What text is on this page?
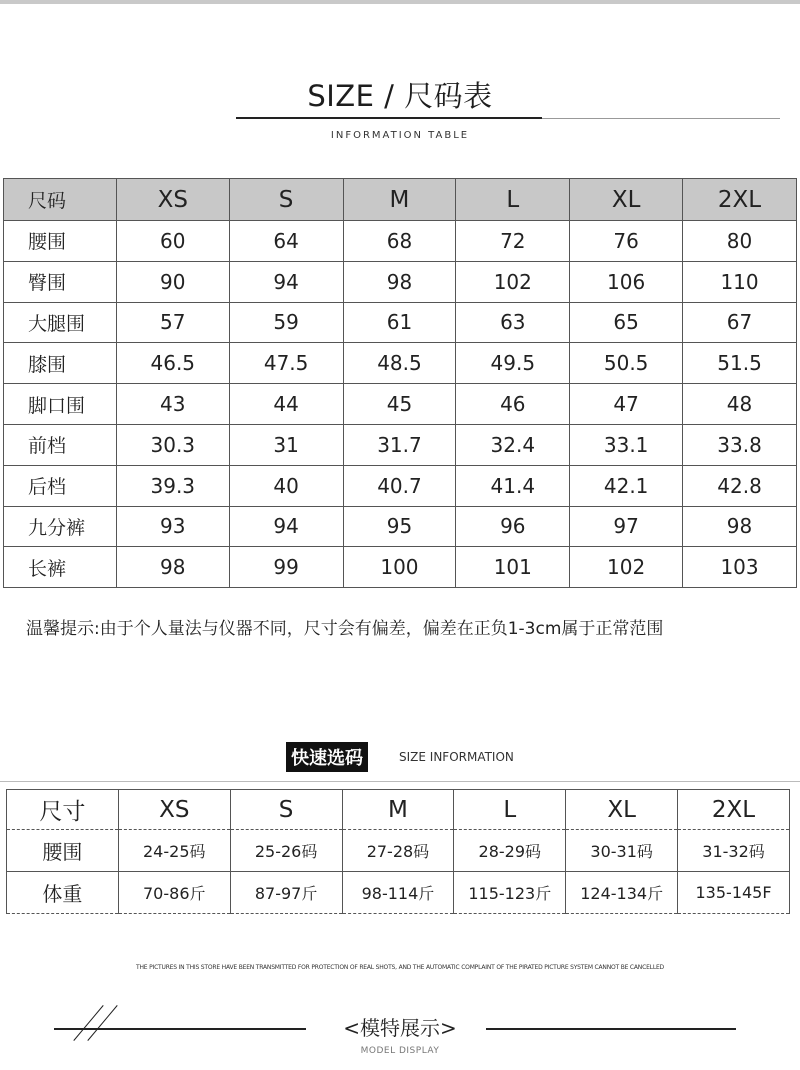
SIZE / 尺码表
INFORMATION TABLE
尺码	XS	S	M	L	XL	2XL
腰围	60	64	68	72	76	80
臀围	90	94	98	102	106	110
大腿围	57	59	61	63	65	67
膝围	46.5	47.5	48.5	49.5	50.5	51.5
脚口围	43	44	45	46	47	48
前档	30.3	31	31.7	32.4	33.1	33.8
后档	39.3	40	40.7	41.4	42.1	42.8
九分裤	93	94	95	96	97	98
长裤	98	99	100	101	102	103
温馨提示:由于个人量法与仪器不同，尺寸会有偏差，偏差在正负1-3cm属于正常范围
快速选码	SIZE INFORMATION
尺寸	XS	S	M	L	XL	2XL
腰围	24-25码	25-26码	27-28码	28-29码	30-31码	31-32码
体重	70-86斤	87-97斤	98-114斤	115-123斤	124-134斤	135-145F
THE PICTURES IN THIS STORE HAVE BEEN TRANSMITTED FOR PROTECTION OF REAL SHOTS, AND THE AUTOMATIC COMPLAINT OF THE PIRATED PICTURE SYSTEM CANNOT BE CANCELLED
<模特展示>
MODEL DISPLAY
